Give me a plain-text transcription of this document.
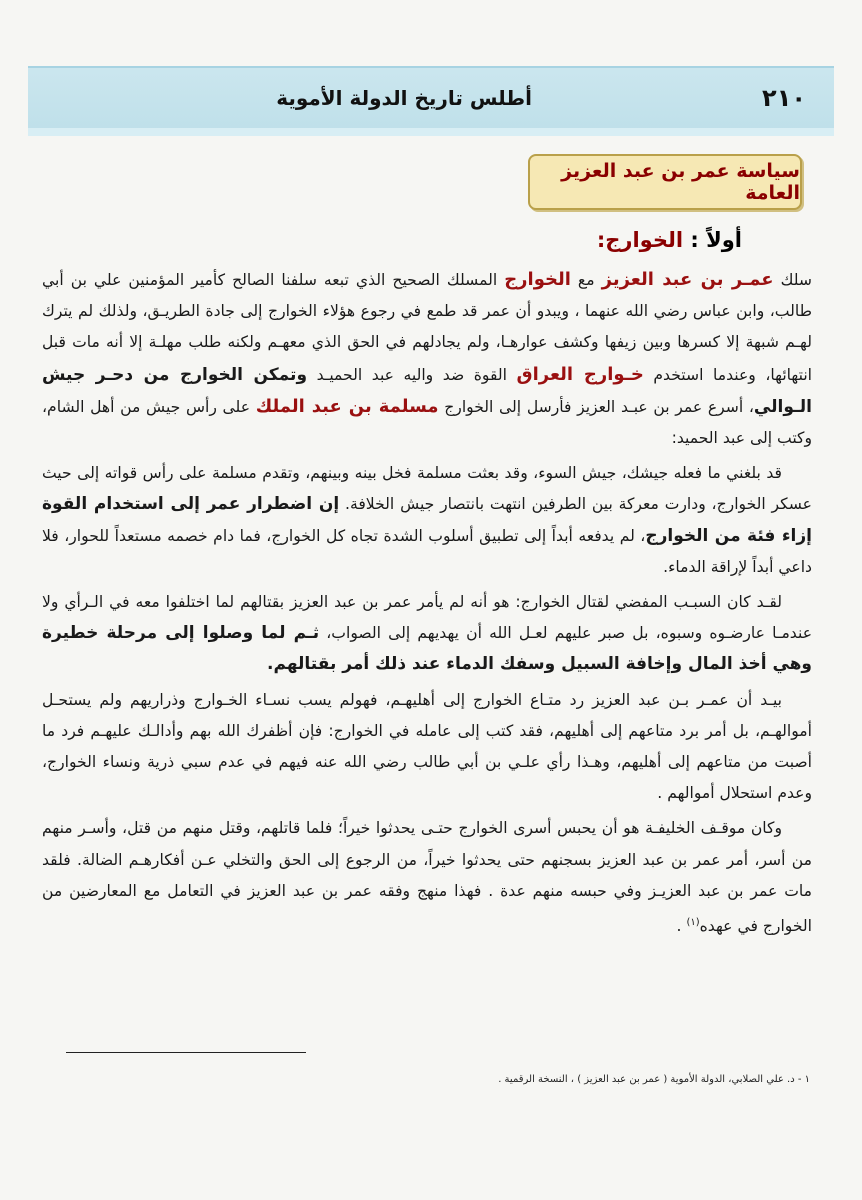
٢١٠
أطلس تاريخ الدولة الأموية
سياسة عمر بن عبد العزيز العامة
أولاً : الخوارج:

سلك عمـر بن عبد العزيز مع الخوارج المسلك الصحيح الذي تبعه سلفنا الصالح كأمير المؤمنين علي بن أبي طالب، وابن عباس رضي الله عنهما ، ويبدو أن عمر قد طمع في رجوع هؤلاء الخوارج إلى جادة الطريـق، ولذلك لم يترك لهـم شبهة إلا كسرها وبين زيفها وكشف عوارهـا، ولم يجادلهم في الحق الذي معهـم ولكنه طلب مهلـة إلا أنه مات قبل انتهائها، وعندما استخدم خـوارج العراق القوة ضد واليه عبد الحميـد وتمكن الخوارج من دحـر جيش الـوالي، أسرع عمر بن عبـد العزيز فأرسل إلى الخوارج مسلمة بن عبد الملك على رأس جيش من أهل الشام، وكتب إلى عبد الحميد:

قد بلغني ما فعله جيشك، جيش السوء، وقد بعثت مسلمة فخل بينه وبينهم، وتقدم مسلمة على رأس قواته إلى حيث عسكر الخوارج، ودارت معركة بين الطرفين انتهت بانتصار جيش الخلافة. إن اضطرار عمر إلى استخدام القوة إزاء فئة من الخوارج، لم يدفعه أبداً إلى تطبيق أسلوب الشدة تجاه كل الخوارج، فما دام خصمه مستعداً للحوار، فلا داعي أبداً لإراقة الدماء.

لقـد كان السبـب المفضي لقتال الخوارج: هو أنه لم يأمر عمر بن عبد العزيز بقتالهم لما اختلفوا معه في الـرأي ولا عندمـا عارضـوه وسبوه، بل صبر عليهم لعـل الله أن يهديهم إلى الصواب، ثـم لما وصلوا إلى مرحلة خطيرة وهي أخذ المال وإخافة السبيل وسفك الدماء عند ذلك أمر بقتالهم.

بيـد أن عمـر بـن عبد العزيز رد متـاع الخوارج إلى أهليهـم، فهولم يسب نسـاء الخـوارج وذراريهم ولم يستحـل أموالهـم، بل أمر برد متاعهم إلى أهليهم، فقد كتب إلى عامله في الخوارج: فإن أظفرك الله بهم وأدالـك عليهـم فرد ما أصبت من متاعهم إلى أهليهم، وهـذا رأي علـي بن أبي طالب رضي الله عنه فيهم في عدم سبي ذرية ونساء الخوارج، وعدم استحلال أموالهم .

وكان موقـف الخليفـة هو أن يحبس أسرى الخوارج حتـى يحدثوا خيراً؛ فلما قاتلهم، وقتل منهم من قتل، وأسـر منهم من أسر، أمر عمر بن عبد العزيز بسجنهم حتى يحدثوا خيراً، من الرجوع إلى الحق والتخلي عـن أفكارهـم الضالة. فلقد مات عمر بن عبد العزيـز وفي حبسه منهم عدة . فهذا منهج وفقه عمر بن عبد العزيز في التعامل مع المعارضين من الخوارج في عهده$^{(١)}$ .

١ - د. علي الصلابي، الدولة الأموية ( عمر بن عبد العزيز ) ، النسخة الرقمية .
